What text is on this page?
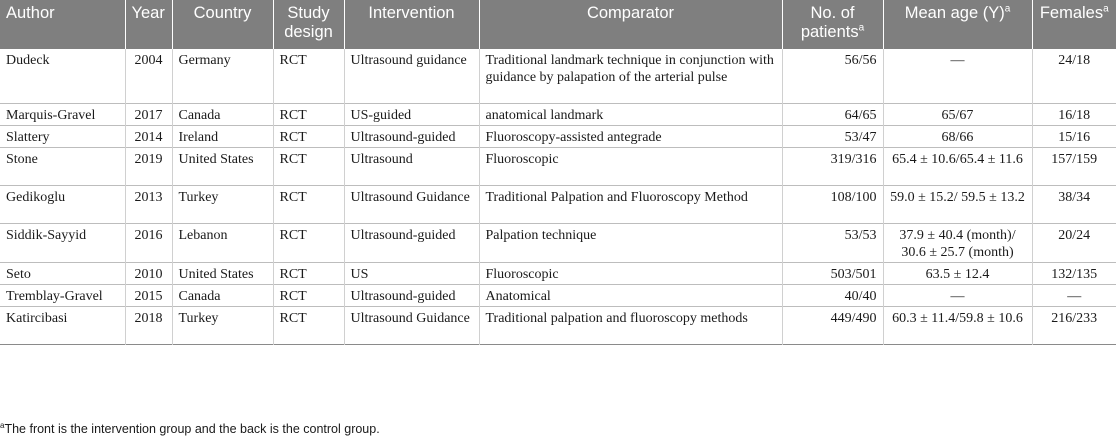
Author	Year	Country	Study design	Intervention	Comparator	No. of patients$^a$	Mean age $(Y)^a$	Females$^a$
Dudeck	2004	Germany	RCT	Ultrasound guidance	Traditional landmark technique in conjunction with guidance by palapation of the arterial pulse	56/56	—	24/18
Marquis-Gravel	2017	Canada	RCT	US-guided	anatomical landmark	64/65	65/67	16/18
Slattery	2014	Ireland	RCT	Ultrasound-guided	Fluoroscopy-assisted antegrade	53/47	68/66	15/16
Stone	2019	United States	RCT	Ultrasound	Fluoroscopic	319/316	65.4 ± 10.6/65.4 ± 11.6	157/159
Gedikoglu	2013	Turkey	RCT	Ultrasound Guidance	Traditional Palpation and Fluoroscopy Method	108/100	59.0 ± 15.2/ 59.5 ± 13.2	38/34
Siddik-Sayyid	2016	Lebanon	RCT	Ultrasound-guided	Palpation technique	53/53	37.9 ± 40.4 (month)/ 30.6 ± 25.7 (month)	20/24
Seto	2010	United States	RCT	US	Fluoroscopic	503/501	63.5 ± 12.4	132/135
Tremblay-Gravel	2015	Canada	RCT	Ultrasound-guided	Anatomical	40/40	—	—
Katircibasi	2018	Turkey	RCT	Ultrasound Guidance	Traditional palpation and fluoroscopy methods	449/490	60.3 ± 11.4/59.8 ± 10.6	216/233
$^a$The front is the intervention group and the back is the control group.
